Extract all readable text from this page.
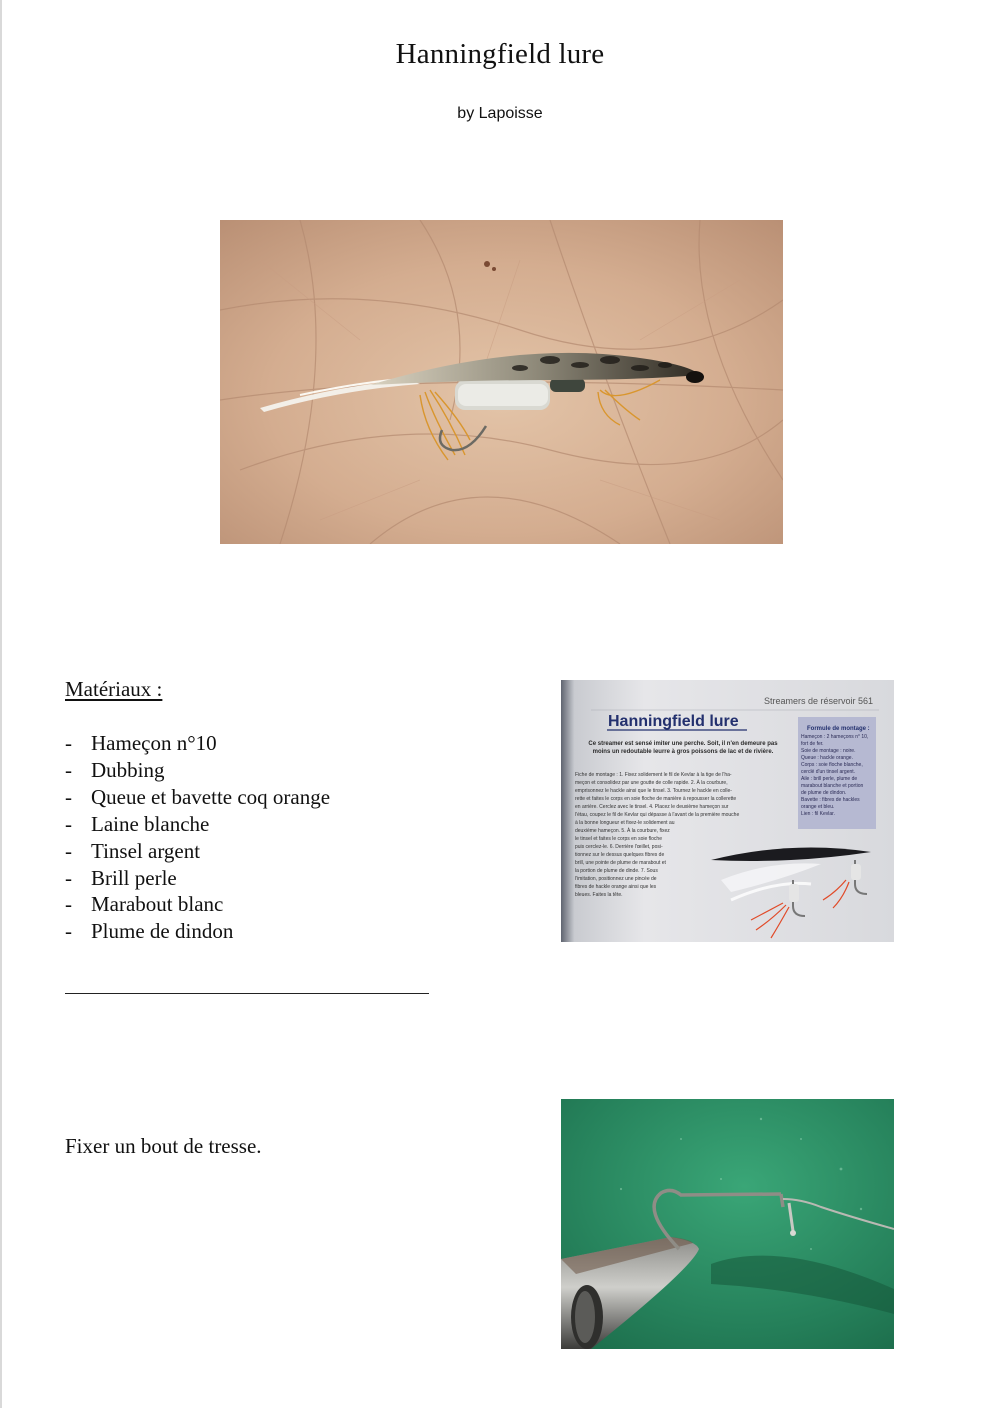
Hanningfield lure
by Lapoisse
Matériaux :
- Hameçon n°10
- Dubbing
- Queue et bavette coq orange
- Laine blanche
- Tinsel argent
- Brill perle
- Marabout blanc
- Plume de dindon
Streamers de réservoir 561
Hanningfield lure
Ce streamer est sensé imiter une perche. Soit, il n'en demeure pas moins un redoutable leurre à gros poissons de lac et de rivière.
Formule de montage :
Hameçon : 2 hameçons n° 10,
fort de fer.
Soie de montage : noire.
Queue : hackle orange.
Corps : soie floche blanche,
cerclé d'un tinsel argent.
Aile : brill perle, plume de
marabout blanche et portion
de plume de dindon.
Bavette : fibres de hackles
orange et bleu.
Lien : fil Kevlar.
Fiche de montage : 1. Fixez solidement le fil de Kevlar à la tige de l'ha-
meçon et consolidez par une goutte de colle rapide. 2. À la courbure,
emprisonnez le hackle ainsi que le tinsel. 3. Tournez le hackle en colle-
rette et faites le corps en soie floche de manière à repousser la collerette
en arrière. Cerclez avec le tinsel. 4. Placez le deuxième hameçon sur
l'étau, coupez le fil de Kevlar qui dépasse à l'avant de la première mouche
à la bonne longueur et fixez-le solidement au
deuxième hameçon. 5. À la courbure, fixez
le tinsel et faites le corps en soie floche
puis cerclez-le. 6. Derrière l'œillet, posi-
tionnez sur le dessus quelques fibres de
brill, une pointe de plume de marabout et
la portion de plume de dinde. 7. Sous
l'imitation, positionnez une pincée de
fibres de hackle orange ainsi que les
bleues. Faites la tête.
Fixer un bout de tresse.
